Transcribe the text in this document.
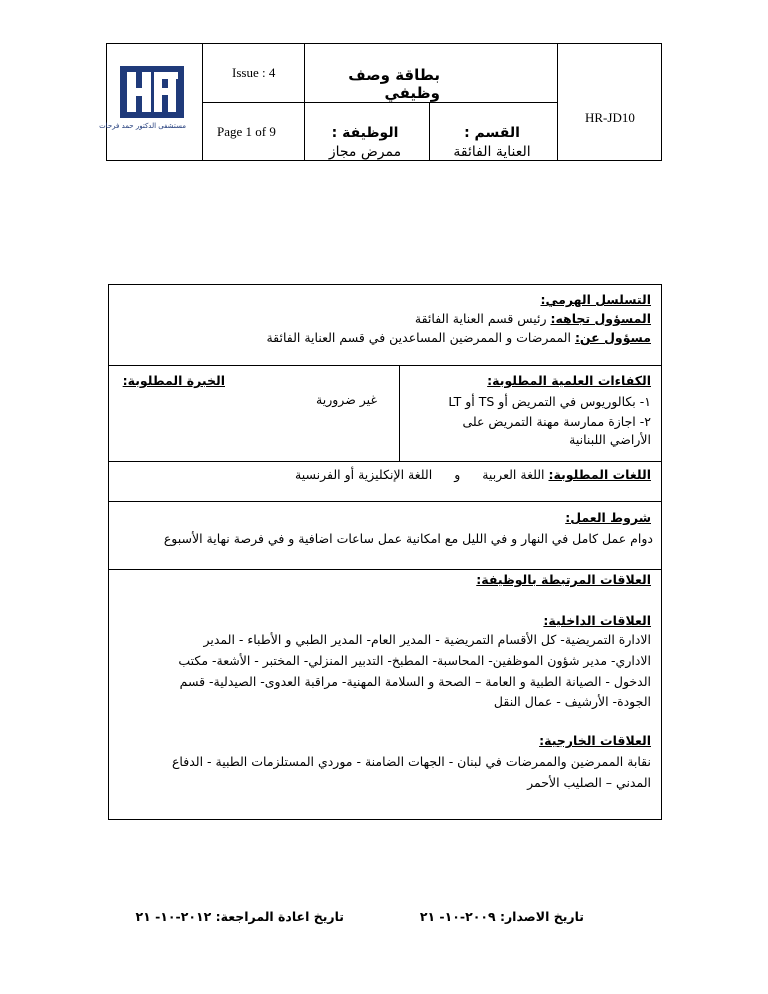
مستشفى الدكتور حمد فرحات
Issue : 4
Page 1 of 9
بطاقة وصف وظيفي
HR-JD10
الوظيفة :
ممرض مجاز
القسم :
العناية الفائقة
التسلسل الهرمي:
المسؤول تجاهه: رئيس قسم العناية الفائقة
مسؤول عن: الممرضات و الممرضين المساعدين في قسم العناية الفائقة
الكفاءات العلمية المطلوبة:
١- بكالوريوس في التمريض أو TS أو LT
٢- اجازة ممارسة مهنة التمريض على
الأراضي اللبنانية
الخبرة المطلوبة:
غير ضرورية
اللغات المطلوبة: اللغة العربيةواللغة الإنكليزية أو الفرنسية
شروط العمل:
دوام عمل كامل في النهار و في الليل مع امكانية عمل ساعات اضافية و في فرصة نهاية الأسبوع
العلاقات المرتبطة بالوظيفة:
العلاقات الداخلية:
الادارة التمريضية- كل الأقسام التمريضية - المدير العام- المدير الطبي و الأطباء - المدير
الاداري- مدير شؤون الموظفين- المحاسبة- المطبخ- التدبير المنزلي- المختبر - الأشعة- مكتب
الدخول - الصيانة الطبية و العامة – الصحة و السلامة المهنية- مراقبة العدوى- الصيدلية- قسم
الجودة- الأرشيف - عمال النقل
العلاقات الخارجية:
نقابة الممرضين والممرضات في لبنان - الجهات الضامنة - موردي المستلزمات الطبية - الدفاع
المدني – الصليب الأحمر
تاريخ الاصدار: ٢٠٠٩-١٠- ٢١
تاريخ اعادة المراجعة: ٢٠١٢-١٠- ٢١
